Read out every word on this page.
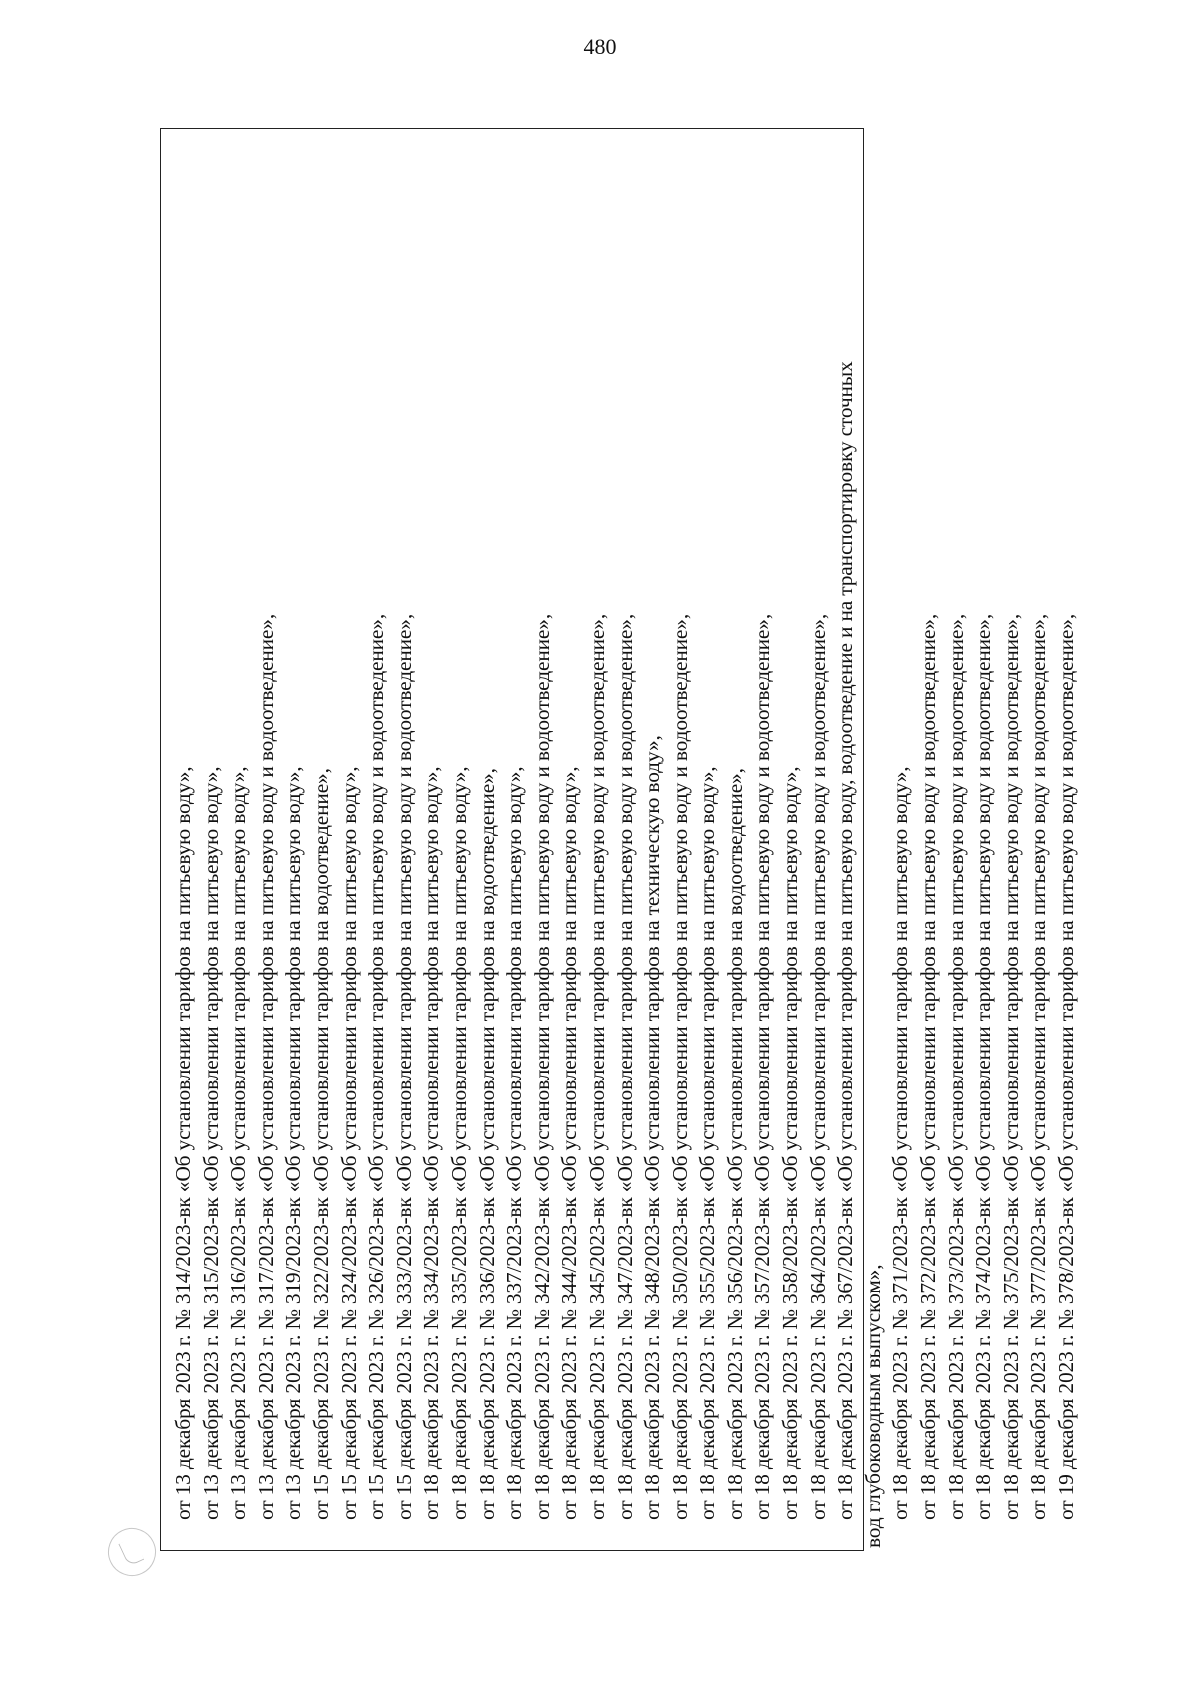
480
от 13 декабря 2023 г. № 314/2023-вк «Об установлении тарифов на питьевую воду», от 13 декабря 2023 г. № 315/2023-вк «Об установлении тарифов на питьевую воду», от 13 декабря 2023 г. № 316/2023-вк «Об установлении тарифов на питьевую воду», от 13 декабря 2023 г. № 317/2023-вк «Об установлении тарифов на питьевую воду и водоотведение», от 13 декабря 2023 г. № 319/2023-вк «Об установлении тарифов на питьевую воду», от 15 декабря 2023 г. № 322/2023-вк «Об установлении тарифов на водоотведение», от 15 декабря 2023 г. № 324/2023-вк «Об установлении тарифов на питьевую воду», от 15 декабря 2023 г. № 326/2023-вк «Об установлении тарифов на питьевую воду и водоотведение», от 15 декабря 2023 г. № 333/2023-вк «Об установлении тарифов на питьевую воду и водоотведение», от 18 декабря 2023 г. № 334/2023-вк «Об установлении тарифов на питьевую воду», от 18 декабря 2023 г. № 335/2023-вк «Об установлении тарифов на питьевую воду», от 18 декабря 2023 г. № 336/2023-вк «Об установлении тарифов на водоотведение», от 18 декабря 2023 г. № 337/2023-вк «Об установлении тарифов на питьевую воду», от 18 декабря 2023 г. № 342/2023-вк «Об установлении тарифов на питьевую воду и водоотведение», от 18 декабря 2023 г. № 344/2023-вк «Об установлении тарифов на питьевую воду», от 18 декабря 2023 г. № 345/2023-вк «Об установлении тарифов на питьевую воду и водоотведение», от 18 декабря 2023 г. № 347/2023-вк «Об установлении тарифов на питьевую воду и водоотведение», от 18 декабря 2023 г. № 348/2023-вк «Об установлении тарифов на техническую воду», от 18 декабря 2023 г. № 350/2023-вк «Об установлении тарифов на питьевую воду и водоотведение», от 18 декабря 2023 г. № 355/2023-вк «Об установлении тарифов на питьевую воду», от 18 декабря 2023 г. № 356/2023-вк «Об установлении тарифов на водоотведение», от 18 декабря 2023 г. № 357/2023-вк «Об установлении тарифов на питьевую воду и водоотведение», от 18 декабря 2023 г. № 358/2023-вк «Об установлении тарифов на питьевую воду», от 18 декабря 2023 г. № 364/2023-вк «Об установлении тарифов на питьевую воду и водоотведение», от 18 декабря 2023 г. № 367/2023-вк «Об установлении тарифов на питьевую воду, водоотведение и на транспортировку сточных вод глубоководным выпуском», от 18 декабря 2023 г. № 371/2023-вк «Об установлении тарифов на питьевую воду», от 18 декабря 2023 г. № 372/2023-вк «Об установлении тарифов на питьевую воду и водоотведение», от 18 декабря 2023 г. № 373/2023-вк «Об установлении тарифов на питьевую воду и водоотведение», от 18 декабря 2023 г. № 374/2023-вк «Об установлении тарифов на питьевую воду и водоотведение», от 18 декабря 2023 г. № 375/2023-вк «Об установлении тарифов на питьевую воду и водоотведение», от 18 декабря 2023 г. № 377/2023-вк «Об установлении тарифов на питьевую воду и водоотведение», от 19 декабря 2023 г. № 378/2023-вк «Об установлении тарифов на питьевую воду и водоотведение»,
